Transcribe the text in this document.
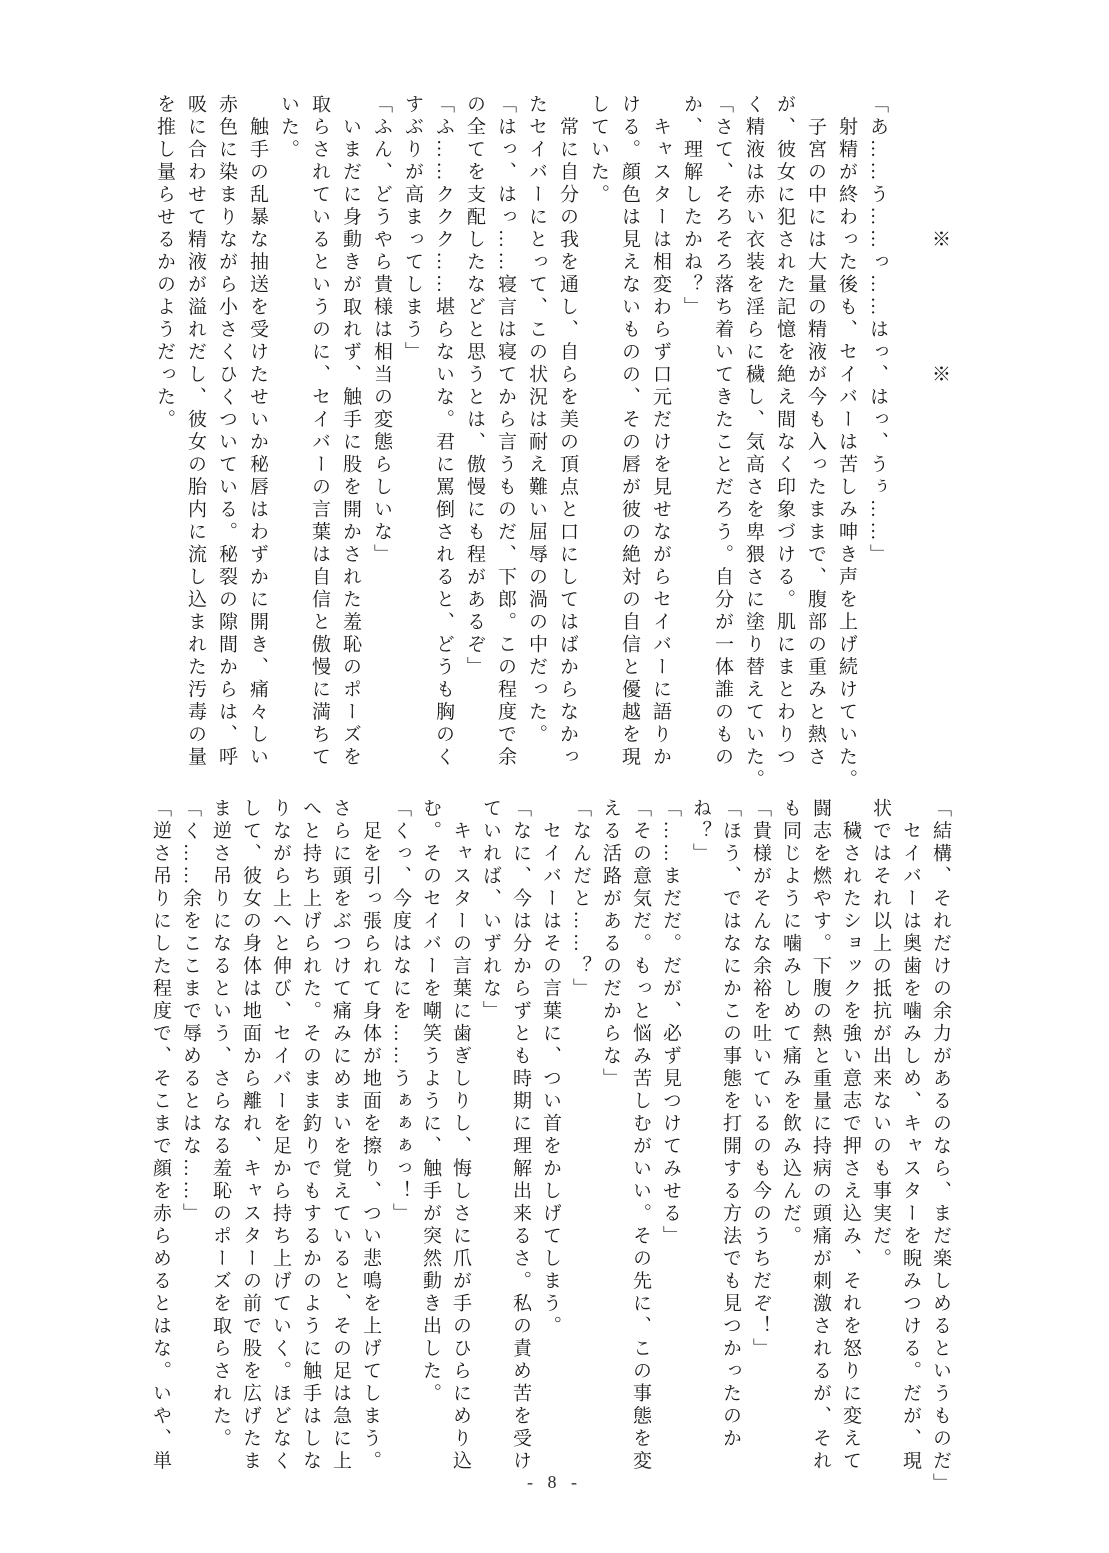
　　　　　　※　　　　　※

「あ……う……っ……はっ、はっ、うぅ……」

　射精が終わった後も、セイバーは苦しみ呻き声を上げ続けていた。

　子宮の中には大量の精液が今も入ったままで、腹部の重みと熱さ

が、彼女に犯された記憶を絶え間なく印象づける。肌にまとわりつ

く精液は赤い衣装を淫らに穢し、気高さを卑猥さに塗り替えていた。

「さて、そろそろ落ち着いてきたことだろう。自分が一体誰のもの

か、理解したかね？」

　キャスターは相変わらず口元だけを見せながらセイバーに語りか

ける。顔色は見えないものの、その唇が彼の絶対の自信と優越を現

していた。

　常に自分の我を通し、自らを美の頂点と口にしてはばからなかっ

たセイバーにとって、この状況は耐え難い屈辱の渦の中だった。

「はっ、はっ……寝言は寝てから言うものだ、下郎。この程度で余

の全てを支配したなどと思うとは、傲慢にも程があるぞ」

「ふ……ククク……堪らないな。君に罵倒されると、どうも胸のく

すぶりが高まってしまう」

「ふん、どうやら貴様は相当の変態らしいな」

　いまだに身動きが取れず、触手に股を開かされた羞恥のポーズを

取らされているというのに、セイバーの言葉は自信と傲慢に満ちて

いた。

　触手の乱暴な抽送を受けたせいか秘唇はわずかに開き、痛々しい

赤色に染まりながら小さくひくついている。秘裂の隙間からは、呼

吸に合わせて精液が溢れだし、彼女の胎内に流し込まれた汚毒の量

を推し量らせるかのようだった。

「結構、それだけの余力があるのなら、まだ楽しめるというものだ」

　セイバーは奥歯を噛みしめ、キャスターを睨みつける。だが、現

状ではそれ以上の抵抗が出来ないのも事実だ。

　穢されたショックを強い意志で押さえ込み、それを怒りに変えて

闘志を燃やす。下腹の熱と重量に持病の頭痛が刺激されるが、それ

も同じように噛みしめて痛みを飲み込んだ。

「貴様がそんな余裕を吐いているのも今のうちだぞ！」

「ほう、ではなにかこの事態を打開する方法でも見つかったのか

ね？」

「……まだだ。だが、必ず見つけてみせる」

「その意気だ。もっと悩み苦しむがいい。その先に、この事態を変

える活路があるのだからな」

「なんだと……？」

　セイバーはその言葉に、つい首をかしげてしまう。

「なに、今は分からずとも時期に理解出来るさ。私の責め苦を受け

ていれば、いずれな」

　キャスターの言葉に歯ぎしりし、悔しさに爪が手のひらにめり込

む。そのセイバーを嘲笑うように、触手が突然動き出した。

「くっ、今度はなにを……うぁぁぁっ！」

　足を引っ張られて身体が地面を擦り、つい悲鳴を上げてしまう。

さらに頭をぶつけて痛みにめまいを覚えていると、その足は急に上

へと持ち上げられた。そのまま釣りでもするかのように触手はしな

りながら上へと伸び、セイバーを足から持ち上げていく。ほどなく

して、彼女の身体は地面から離れ、キャスターの前で股を広げたま

ま逆さ吊りになるという、さらなる羞恥のポーズを取らされた。

「く……余をここまで辱めるとはな……」

「逆さ吊りにした程度で、そこまで顔を赤らめるとはな。いや、単

- 8 -
